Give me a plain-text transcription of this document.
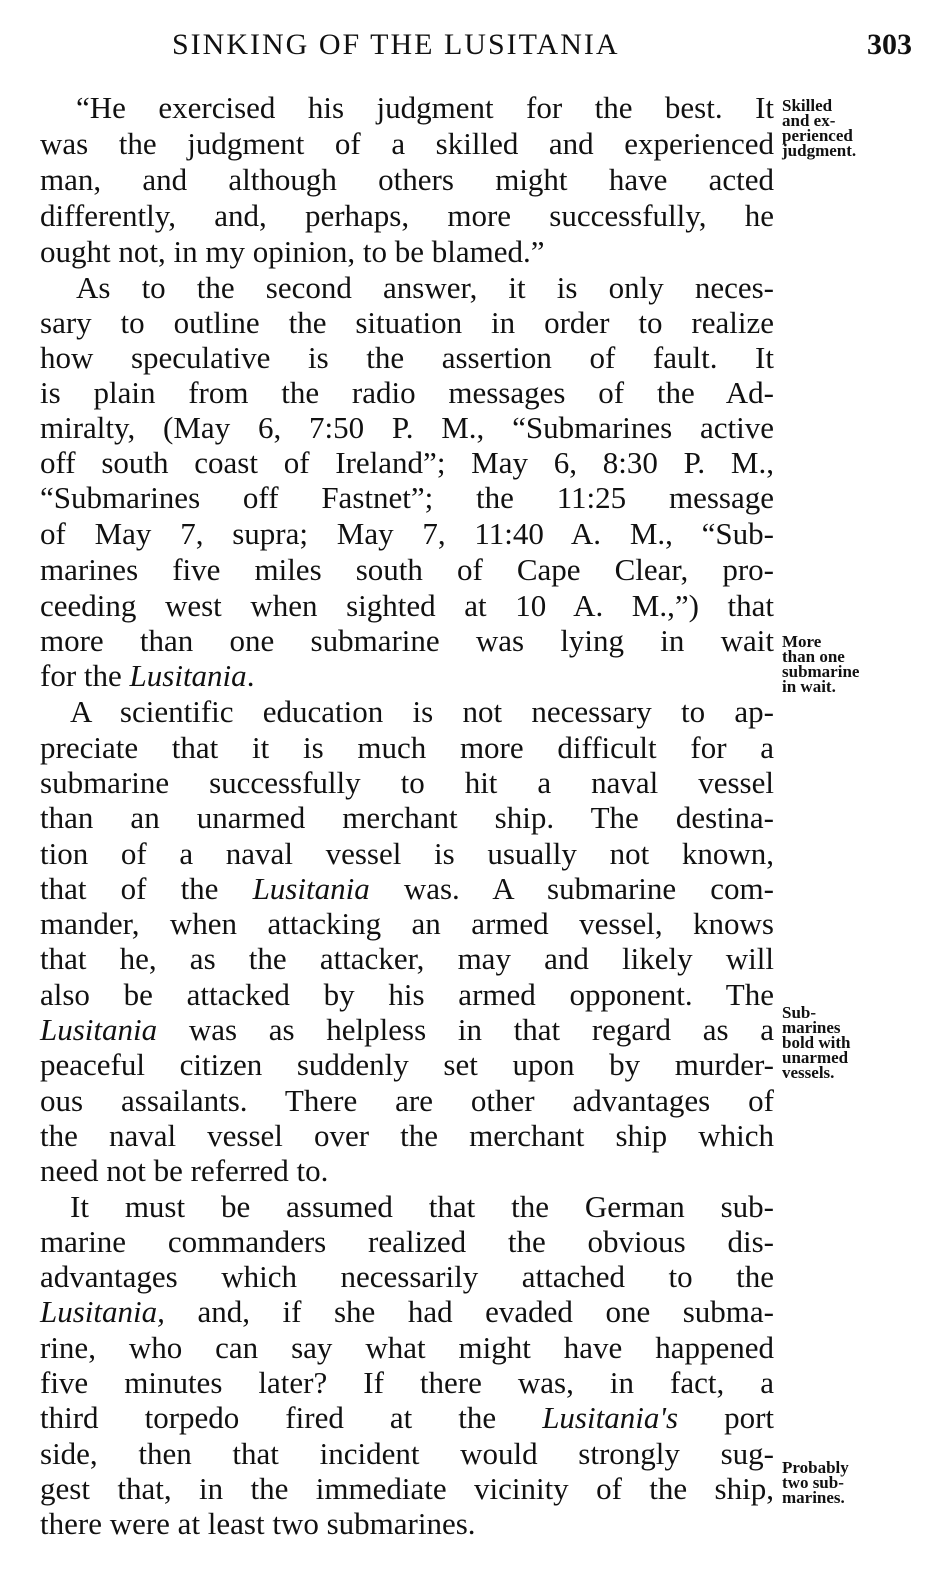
SINKING OF THE LUSITANIA	303
“He exercised his judgment for the best. It
was the judgment of a skilled and experienced
man, and although others might have acted
differently, and, perhaps, more successfully, he
ought not, in my opinion, to be blamed.”
As to the second answer, it is only neces-
sary to outline the situation in order to realize
how speculative is the assertion of fault. It
is plain from the radio messages of the Ad-
miralty, (May 6, 7:50 P. M., “Submarines active
off south coast of Ireland”; May 6, 8:30 P. M.,
“Submarines off Fastnet”; the 11:25 message
of May 7, supra; May 7, 11:40 A. M., “Sub-
marines five miles south of Cape Clear, pro-
ceeding west when sighted at 10 A. M.,”) that
more than one submarine was lying in wait
for the Lusitania.
A scientific education is not necessary to ap-
preciate that it is much more difficult for a
submarine successfully to hit a naval vessel
than an unarmed merchant ship. The destina-
tion of a naval vessel is usually not known,
that of the Lusitania was. A submarine com-
mander, when attacking an armed vessel, knows
that he, as the attacker, may and likely will
also be attacked by his armed opponent. The
Lusitania was as helpless in that regard as a
peaceful citizen suddenly set upon by murder-
ous assailants. There are other advantages of
the naval vessel over the merchant ship which
need not be referred to.
It must be assumed that the German sub-
marine commanders realized the obvious dis-
advantages which necessarily attached to the
Lusitania, and, if she had evaded one subma-
rine, who can say what might have happened
five minutes later? If there was, in fact, a
third torpedo fired at the Lusitania's port
side, then that incident would strongly sug-
gest that, in the immediate vicinity of the ship,
there were at least two submarines.
Skilled
and ex-
perienced
judgment.
More
than one
submarine
in wait.
Sub-
marines
bold with
unarmed
vessels.
Probably
two sub-
marines.
